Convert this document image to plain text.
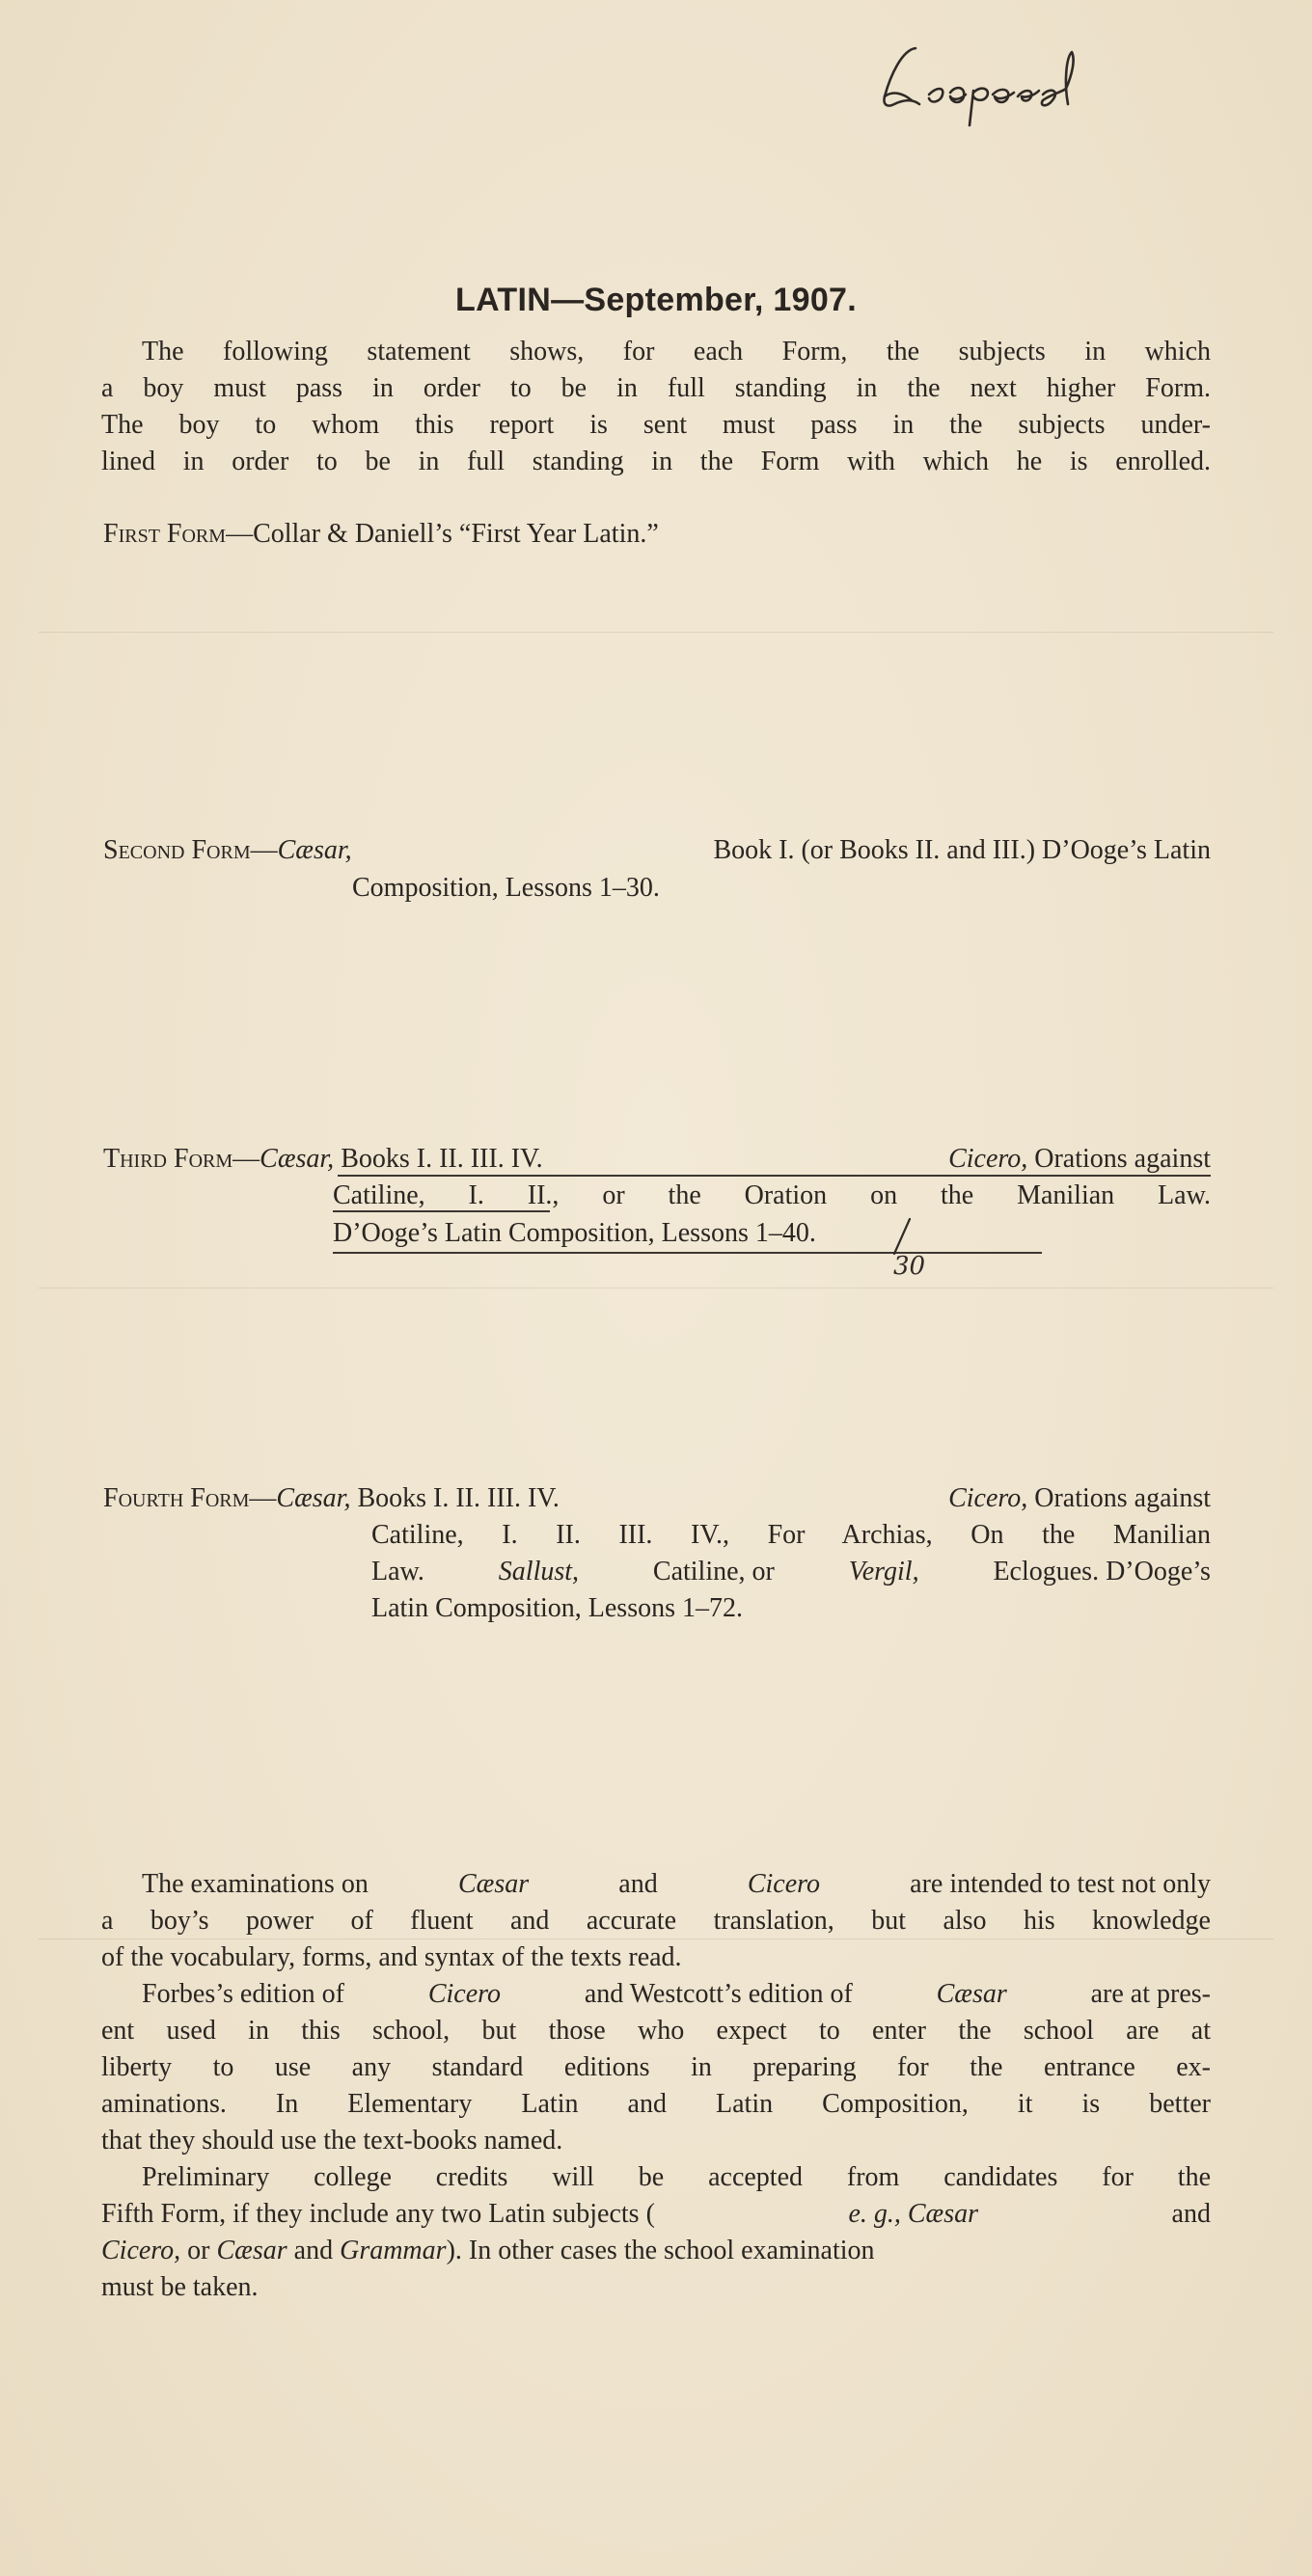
LATIN—September, 1907.
The following statement shows, for each Form, the subjects in which
a boy must pass in order to be in full standing in the next higher Form.
The boy to whom this report is sent must pass in the subjects under-
lined in order to be in full standing in the Form with which he is enrolled.
First Form—Collar & Daniell’s “First Year Latin.”
Second Form—Cæsar,	Book I. (or Books II. and III.) D’Ooge’s Latin
Composition, Lessons 1–30.
Third Form—Cæsar, Books I. II. III. IV.	Cicero, Orations against
Catiline, I. II., or the Oration on the Manilian Law.
D’Ooge’s Latin Composition, Lessons 1–40.
30
Fourth Form—Cæsar, Books I. II. III. IV.	Cicero, Orations against
Catiline, I. II. III. IV., For Archias, On the Manilian
Law.	Sallust,	Catiline, or	Vergil,	Eclogues. D’Ooge’s
Latin Composition, Lessons 1–72.

The examinations on	Cæsar	and	Cicero	are intended to test not only
a boy’s power of fluent and accurate translation, but also his knowledge
of the vocabulary, forms, and syntax of the texts read.

Forbes’s edition of	Cicero	and Westcott’s edition of	Cæsar	are at pres-
ent used in this school, but those who expect to enter the school are at
liberty to use any standard editions in preparing for the entrance ex-
aminations. In Elementary Latin and Latin Composition, it is better
that they should use the text-books named.

Preliminary college credits will be accepted from candidates for the
Fifth Form, if they include any two Latin subjects (	e. g., Cæsar	and
Cicero, or Cæsar and Grammar). In other cases the school examination
must be taken.
